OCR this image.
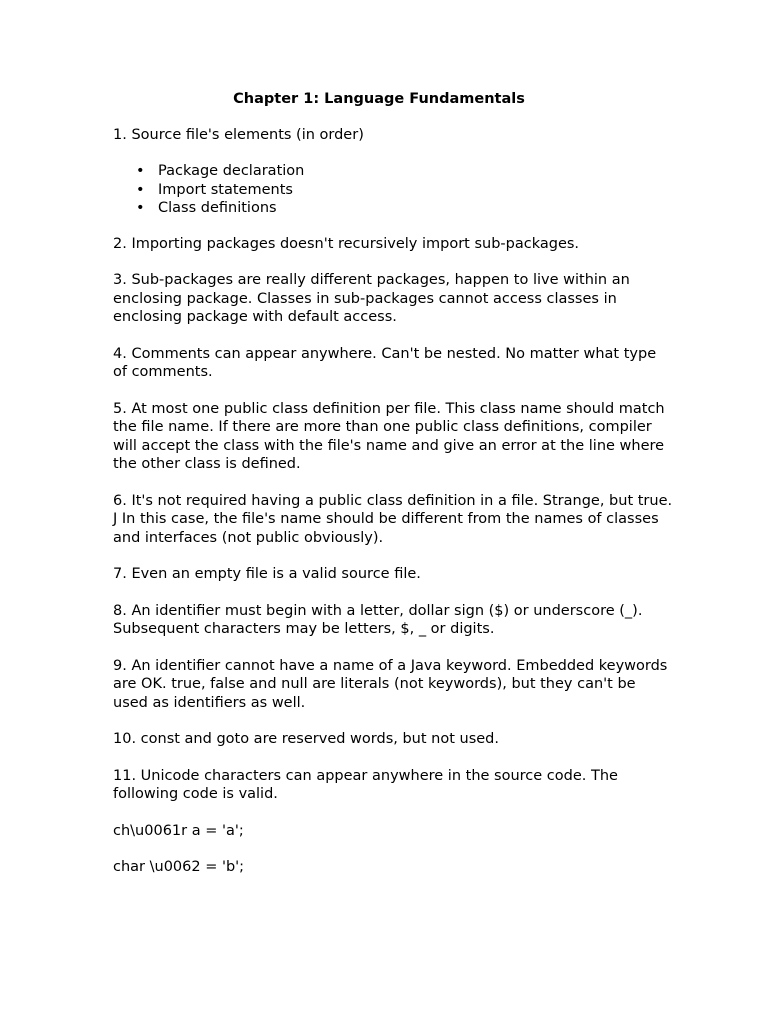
Chapter 1: Language Fundamentals

1. Source file's elements (in order)

• Package declaration
• Import statements
• Class definitions

2. Importing packages doesn't recursively import sub-packages.

3. Sub-packages are really different packages, happen to live within an enclosing package. Classes in sub-packages cannot access classes in enclosing package with default access.

4. Comments can appear anywhere. Can't be nested. No matter what type of comments.

5. At most one public class definition per file. This class name should match the file name. If there are more than one public class definitions, compiler will accept the class with the file's name and give an error at the line where the other class is defined.

6. It's not required having a public class definition in a file. Strange, but true. J In this case, the file's name should be different from the names of classes and interfaces (not public obviously).

7. Even an empty file is a valid source file.

8. An identifier must begin with a letter, dollar sign ($) or underscore (_). Subsequent characters may be letters, $, _ or digits.

9. An identifier cannot have a name of a Java keyword. Embedded keywords are OK. true, false and null are literals (not keywords), but they can't be used as identifiers as well.

10. const and goto are reserved words, but not used.

11. Unicode characters can appear anywhere in the source code. The following code is valid.

ch\u0061r a = 'a';

char \u0062 = 'b';
